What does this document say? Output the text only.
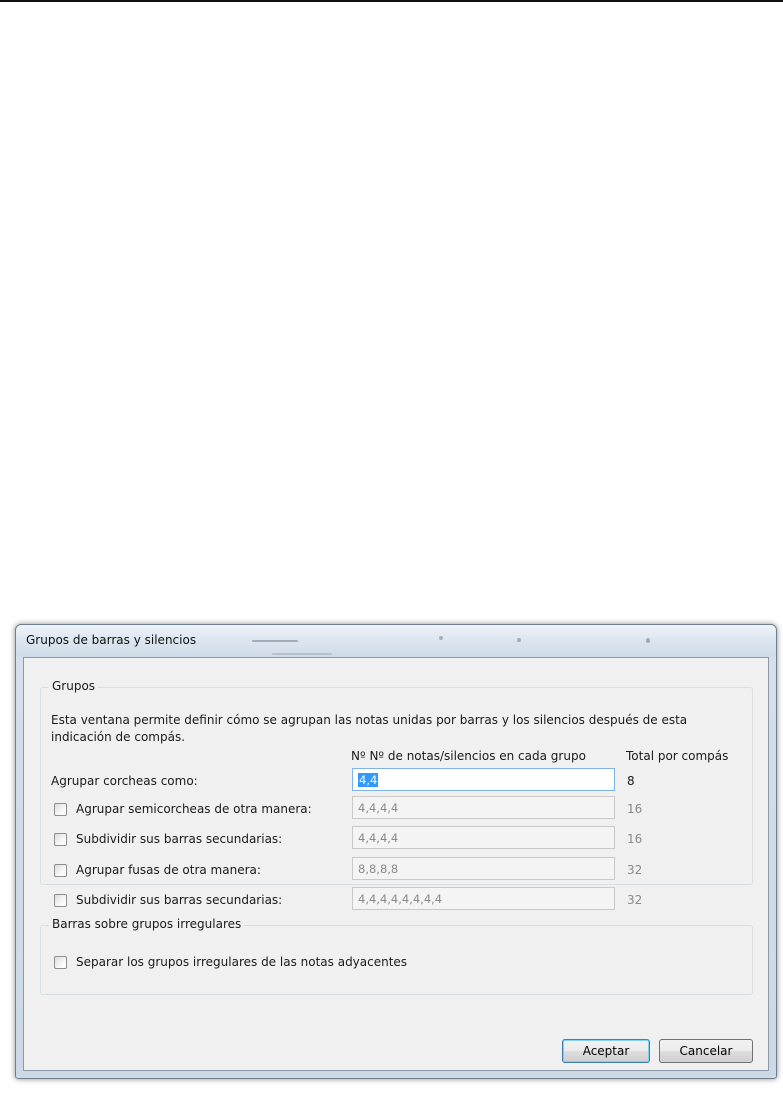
Grupos de barras y silencios
Grupos
Esta ventana permite definir cómo se agrupan las notas unidas por barras y los silencios después de esta indicación de compás.
Nº Nº de notas/silencios en cada grupo	Total por compás
Agrupar corcheas como:	4,4	8
Agrupar semicorcheas de otra manera:	4,4,4,4	16
Subdividir sus barras secundarias:	4,4,4,4	16
Agrupar fusas de otra manera:	8,8,8,8	32
Subdividir sus barras secundarias:	4,4,4,4,4,4,4,4	32
Barras sobre grupos irregulares
Separar los grupos irregulares de las notas adyacentes
Aceptar	Cancelar
